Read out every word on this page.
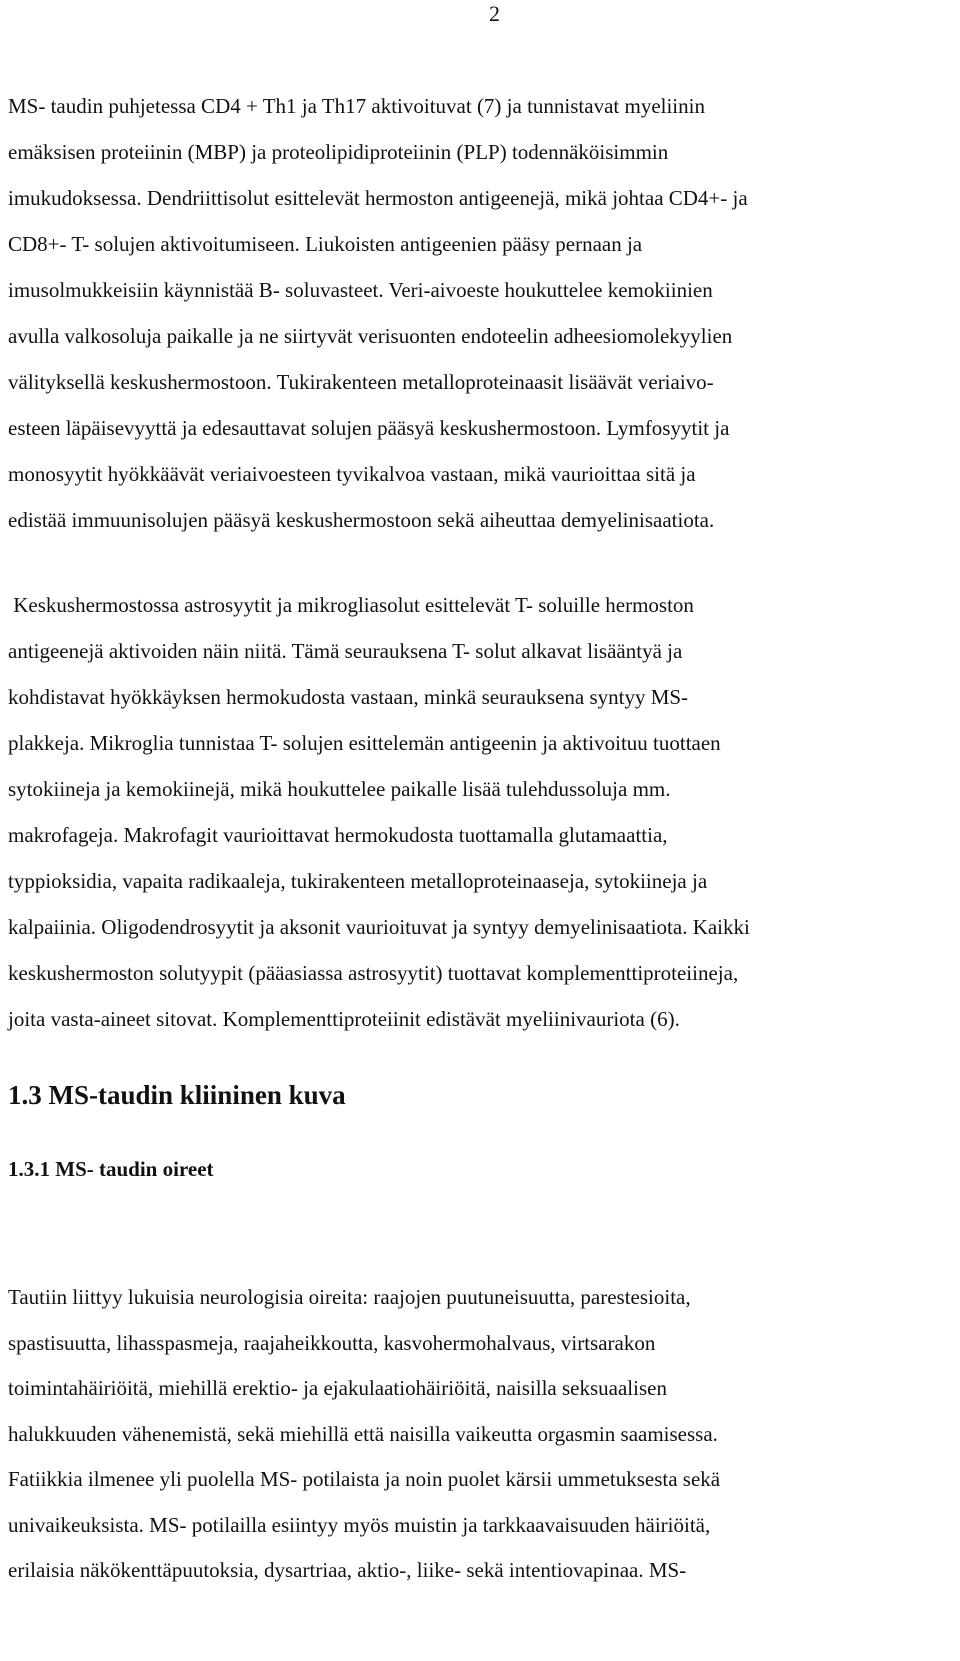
2
MS- taudin puhjetessa CD4 + Th1 ja Th17 aktivoituvat (7) ja tunnistavat myeliinin
emäksisen proteiinin (MBP) ja proteolipidiproteiinin (PLP) todennäköisimmin
imukudoksessa. Dendriittisolut esittelevät hermoston antigeenejä, mikä johtaa CD4+- ja
CD8+- T- solujen aktivoitumiseen. Liukoisten antigeenien pääsy pernaan ja
imusolmukkeisiin käynnistää B- soluvasteet. Veri-aivoeste houkuttelee kemokiinien
avulla valkosoluja paikalle ja ne siirtyvät verisuonten endoteelin adheesiomolekyylien
välityksellä keskushermostoon. Tukirakenteen metalloproteinaasit lisäävät veriaivo-
esteen läpäisevyyttä ja edesauttavat solujen pääsyä keskushermostoon. Lymfosyytit ja
monosyytit hyökkäävät veriaivoesteen tyvikalvoa vastaan, mikä vaurioittaa sitä ja
edistää immuunisolujen pääsyä keskushermostoon sekä aiheuttaa demyelinisaatiota.
Keskushermostossa astrosyytit ja mikrogliasolut esittelevät T- soluille hermoston
antigeenejä aktivoiden näin niitä. Tämä seurauksena T- solut alkavat lisääntyä ja
kohdistavat hyökkäyksen hermokudosta vastaan, minkä seurauksena syntyy MS-
plakkeja. Mikroglia tunnistaa T- solujen esittelemän antigeenin ja aktivoituu tuottaen
sytokiineja ja kemokiinejä, mikä houkuttelee paikalle lisää tulehdussoluja mm.
makrofageja. Makrofagit vaurioittavat hermokudosta tuottamalla glutamaattia,
typpioksidia, vapaita radikaaleja, tukirakenteen metalloproteinaaseja, sytokiineja ja
kalpaiinia. Oligodendrosyytit ja aksonit vaurioituvat ja syntyy demyelinisaatiota. Kaikki
keskushermoston solutyypit (pääasiassa astrosyytit) tuottavat komplementtiproteiineja,
joita vasta-aineet sitovat. Komplementtiproteiinit edistävät myeliinivauriota (6).
1.3 MS-taudin kliininen kuva
1.3.1 MS- taudin oireet
Tautiin liittyy lukuisia neurologisia oireita: raajojen puutuneisuutta, parestesioita,
spastisuutta, lihasspasmeja, raajaheikkoutta, kasvohermohalvaus, virtsarakon
toimintahäiriöitä, miehillä erektio- ja ejakulaatiohäiriöitä, naisilla seksuaalisen
halukkuuden vähenemistä, sekä miehillä että naisilla vaikeutta orgasmin saamisessa.
Fatiikkia ilmenee yli puolella MS- potilaista ja noin puolet kärsii ummetuksesta sekä
univaikeuksista. MS- potilailla esiintyy myös muistin ja tarkkaavaisuuden häiriöitä,
erilaisia näkökenttäpuutoksia, dysartriaa, aktio-, liike- sekä intentiovapinaa. MS-
